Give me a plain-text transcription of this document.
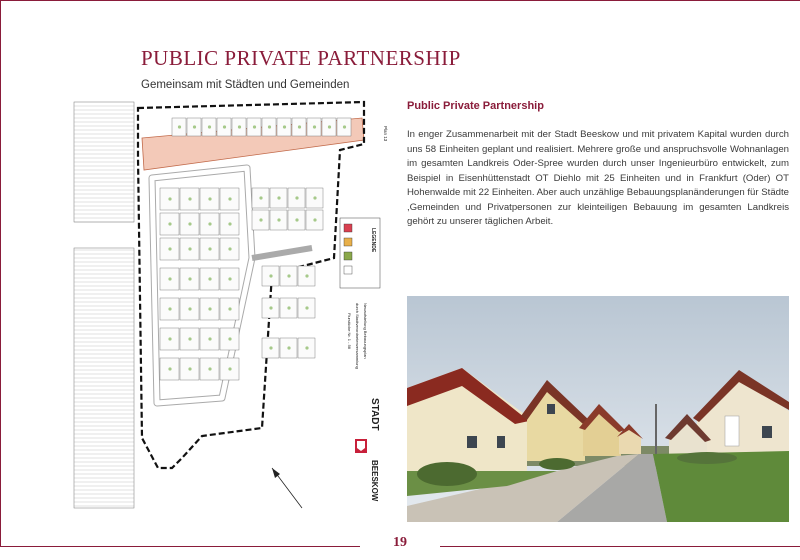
PUBLIC PRIVATE PARTNERSHIP
Gemeinsam mit Städten und Gemeinden
LEGENDE
Neuaufstellung Bebauungsplan
durch Stadtverordnetenversammlung
Flurstücke Nr. 1 - 58
STADT
BEESKOW
Plan 13
Public Private Partnership
In enger Zusammenarbeit mit der Stadt Beeskow und mit privatem Kapital wurden durch uns 58 Einheiten geplant und realisiert. Mehrere große und anspruchsvolle Wohnanlagen im gesamten Landkreis Oder-Spree wurden durch unser Ingenieurbüro entwickelt, zum Beispiel in Eisenhüttenstadt OT Diehlo mit 25 Einheiten und in Frankfurt (Oder) OT Hohenwalde mit 22 Einheiten. Aber auch unzählige Bebauungsplanänderungen für Städte ,Gemeinden und Privatpersonen zur kleinteiligen Bebauung im gesamten Landkreis gehört zu unserer täglichen Arbeit.
19
